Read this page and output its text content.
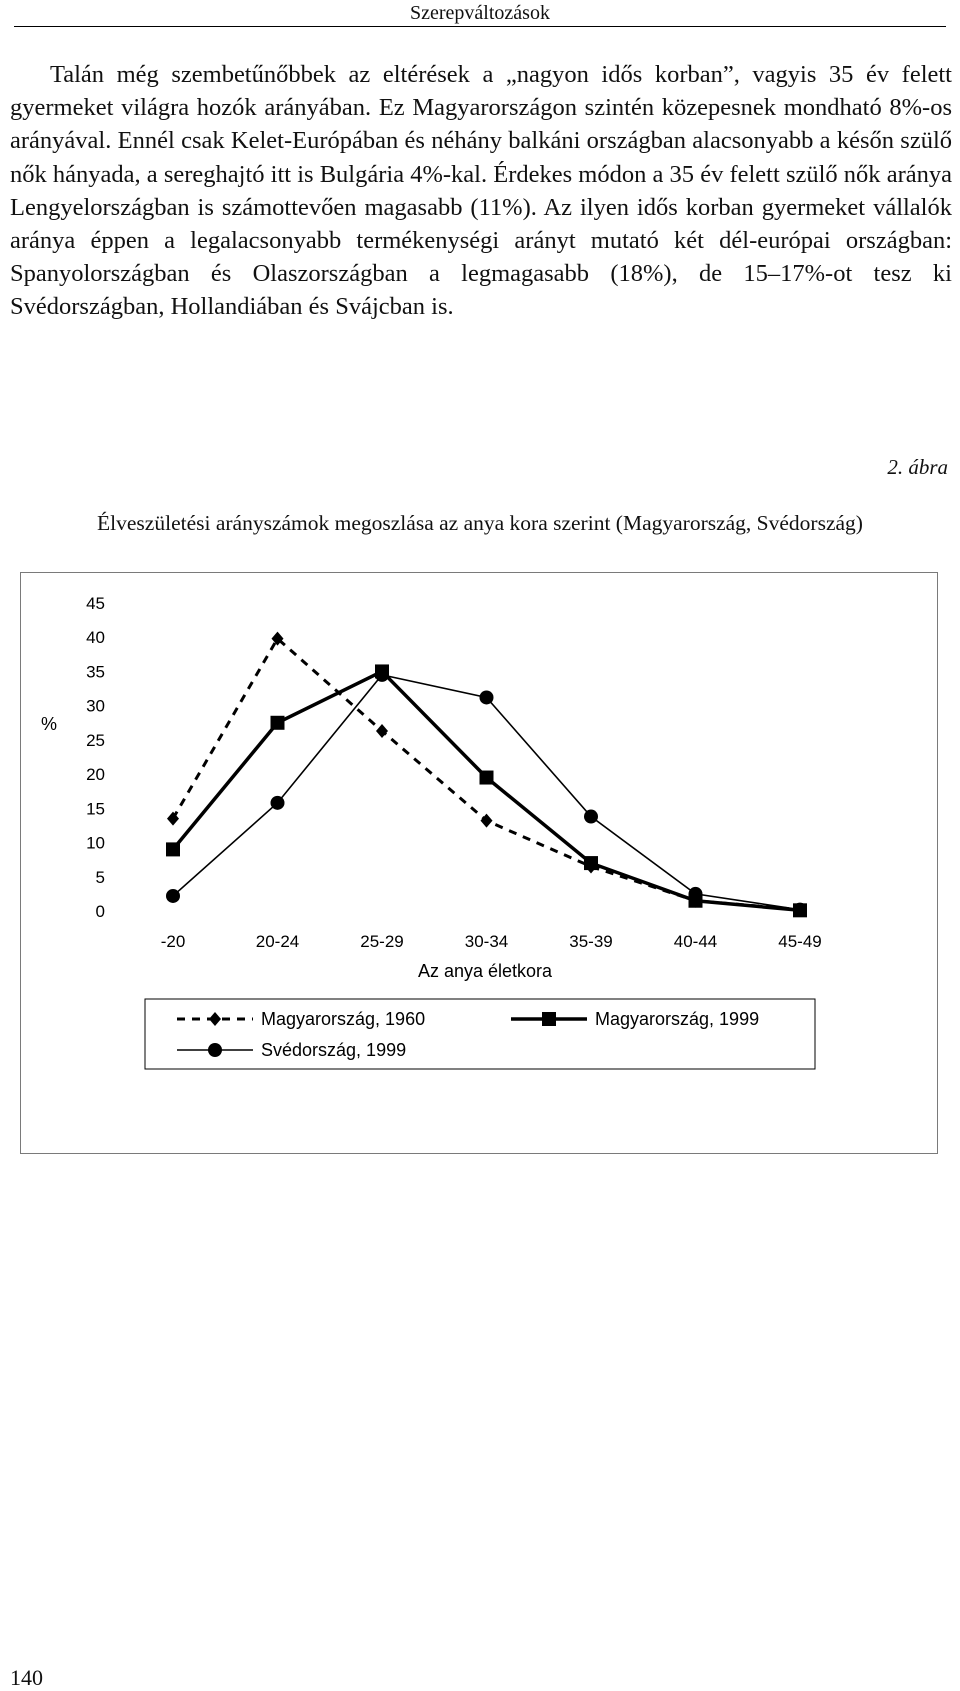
Szerepváltozások

Talán még szembetűnőbbek az eltérések a „nagyon idős korban”, vagyis 35 év felett gyermeket világra hozók arányában. Ez Magyarországon szintén közepesnek mondható 8%-os arányával. Ennél csak Kelet-Európában és néhány balkáni országban alacsonyabb a későn szülő nők hányada, a sereghajtó itt is Bulgária 4%-kal. Érdekes módon a 35 év felett szülő nők aránya Lengyelországban is számottevően magasabb (11%). Az ilyen idős korban gyermeket vállalók aránya éppen a legalacsonyabb termékenységi arányt mutató két dél-európai országban: Spanyolországban és Olaszországban a legmagasabb (18%), de 15–17%-ot tesz ki Svédországban, Hollandiában és Svájcban is.

2. ábra
Élveszületési arányszámok megoszlása az anya kora szerint (Magyarország, Svédország)
0
5
10
15
20
25
30
35
40
45
%
-20	20-24	25-29	30-34	35-39	40-44	45-49
Az anya életkora
Magyarország, 1960	Magyarország, 1999
Svédország, 1999
140
